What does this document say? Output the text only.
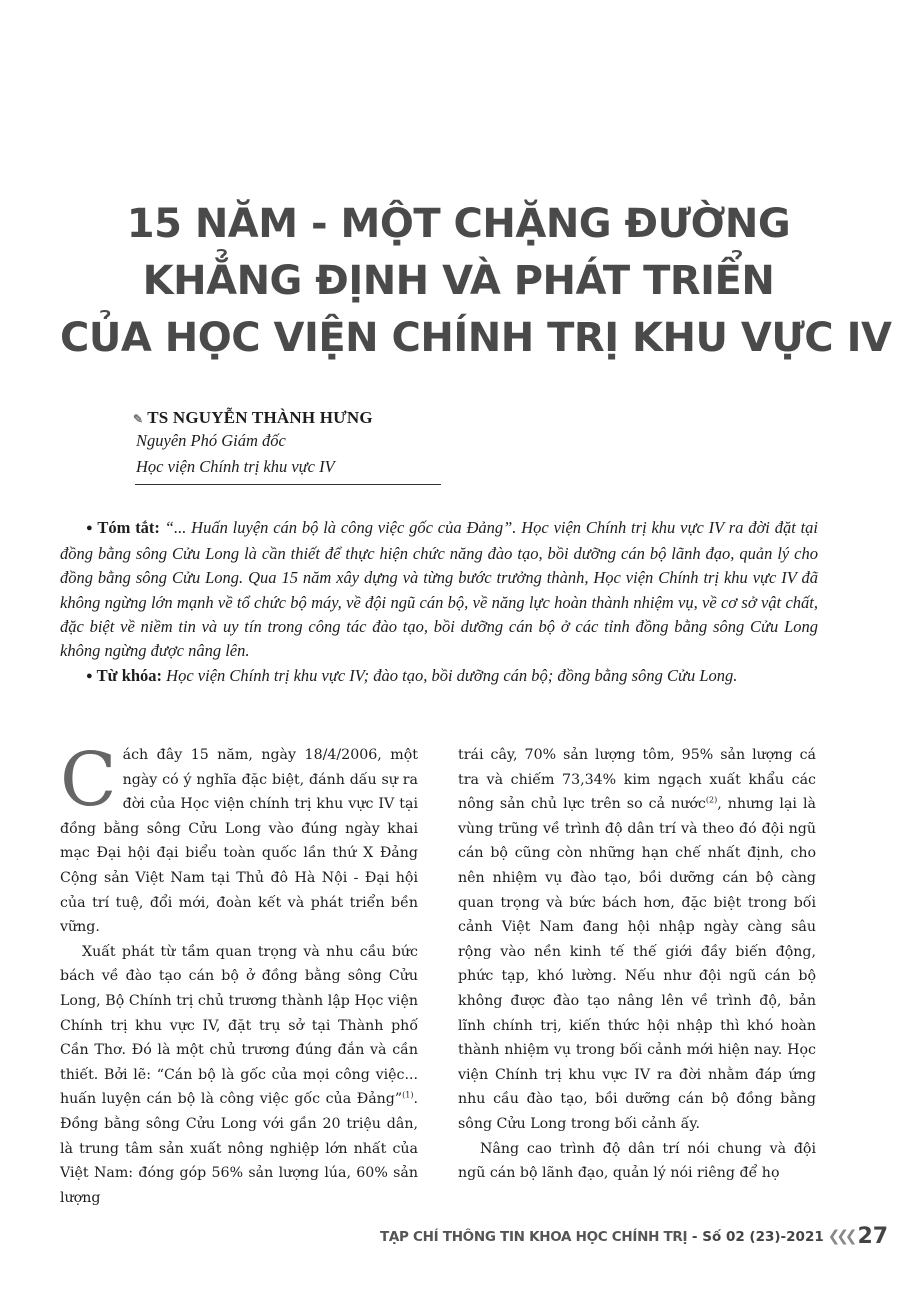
15 NĂM - MỘT CHẶNG ĐƯỜNG
KHẲNG ĐỊNH VÀ PHÁT TRIỂN
CỦA HỌC VIỆN CHÍNH TRỊ KHU VỰC IV
✎ TS NGUYỄN THÀNH HƯNG
Nguyên Phó Giám đốc
Học viện Chính trị khu vực IV

● Tóm tắt: “... Huấn luyện cán bộ là công việc gốc của Đảng”. Học viện Chính trị khu vực IV ra đời đặt tại đồng bằng sông Cửu Long là cần thiết để thực hiện chức năng đào tạo, bồi dưỡng cán bộ lãnh đạo, quản lý cho đồng bằng sông Cửu Long. Qua 15 năm xây dựng và từng bước trưởng thành, Học viện Chính trị khu vực IV đã không ngừng lớn mạnh về tổ chức bộ máy, về đội ngũ cán bộ, về năng lực hoàn thành nhiệm vụ, về cơ sở vật chất, đặc biệt về niềm tin và uy tín trong công tác đào tạo, bồi dưỡng cán bộ ở các tỉnh đồng bằng sông Cửu Long không ngừng được nâng lên.

● Từ khóa: Học viện Chính trị khu vực IV; đào tạo, bồi dưỡng cán bộ; đồng bằng sông Cửu Long.

Cách đây 15 năm, ngày 18/4/2006, một ngày có ý nghĩa đặc biệt, đánh dấu sự ra đời của Học viện chính trị khu vực IV tại đồng bằng sông Cửu Long vào đúng ngày khai mạc Đại hội đại biểu toàn quốc lần thứ X Đảng Cộng sản Việt Nam tại Thủ đô Hà Nội - Đại hội của trí tuệ, đổi mới, đoàn kết và phát triển bền vững.

Xuất phát từ tầm quan trọng và nhu cầu bức bách về đào tạo cán bộ ở đồng bằng sông Cửu Long, Bộ Chính trị chủ trương thành lập Học viện Chính trị khu vực IV, đặt trụ sở tại Thành phố Cần Thơ. Đó là một chủ trương đúng đắn và cần thiết. Bởi lẽ: “Cán bộ là gốc của mọi công việc... huấn luyện cán bộ là công việc gốc của Đảng”$^{(1)}$. Đồng bằng sông Cửu Long với gần 20 triệu dân, là trung tâm sản xuất nông nghiệp lớn nhất của Việt Nam: đóng góp 56% sản lượng lúa, 60% sản lượng

trái cây, 70% sản lượng tôm, 95% sản lượng cá tra và chiếm 73,34% kim ngạch xuất khẩu các nông sản chủ lực trên so cả nước$^{(2)}$, nhưng lại là vùng trũng về trình độ dân trí và theo đó đội ngũ cán bộ cũng còn những hạn chế nhất định, cho nên nhiệm vụ đào tạo, bồi dưỡng cán bộ càng quan trọng và bức bách hơn, đặc biệt trong bối cảnh Việt Nam đang hội nhập ngày càng sâu rộng vào nền kinh tế thế giới đầy biến động, phức tạp, khó lường. Nếu như đội ngũ cán bộ không được đào tạo nâng lên về trình độ, bản lĩnh chính trị, kiến thức hội nhập thì khó hoàn thành nhiệm vụ trong bối cảnh mới hiện nay. Học viện Chính trị khu vực IV ra đời nhằm đáp ứng nhu cầu đào tạo, bồi dưỡng cán bộ đồng bằng sông Cửu Long trong bối cảnh ấy.

Nâng cao trình độ dân trí nói chung và đội ngũ cán bộ lãnh đạo, quản lý nói riêng để họ

TẠP CHÍ THÔNG TIN KHOA HỌC CHÍNH TRỊ - Số 02 (23)-2021 ❮❮❮ 27
